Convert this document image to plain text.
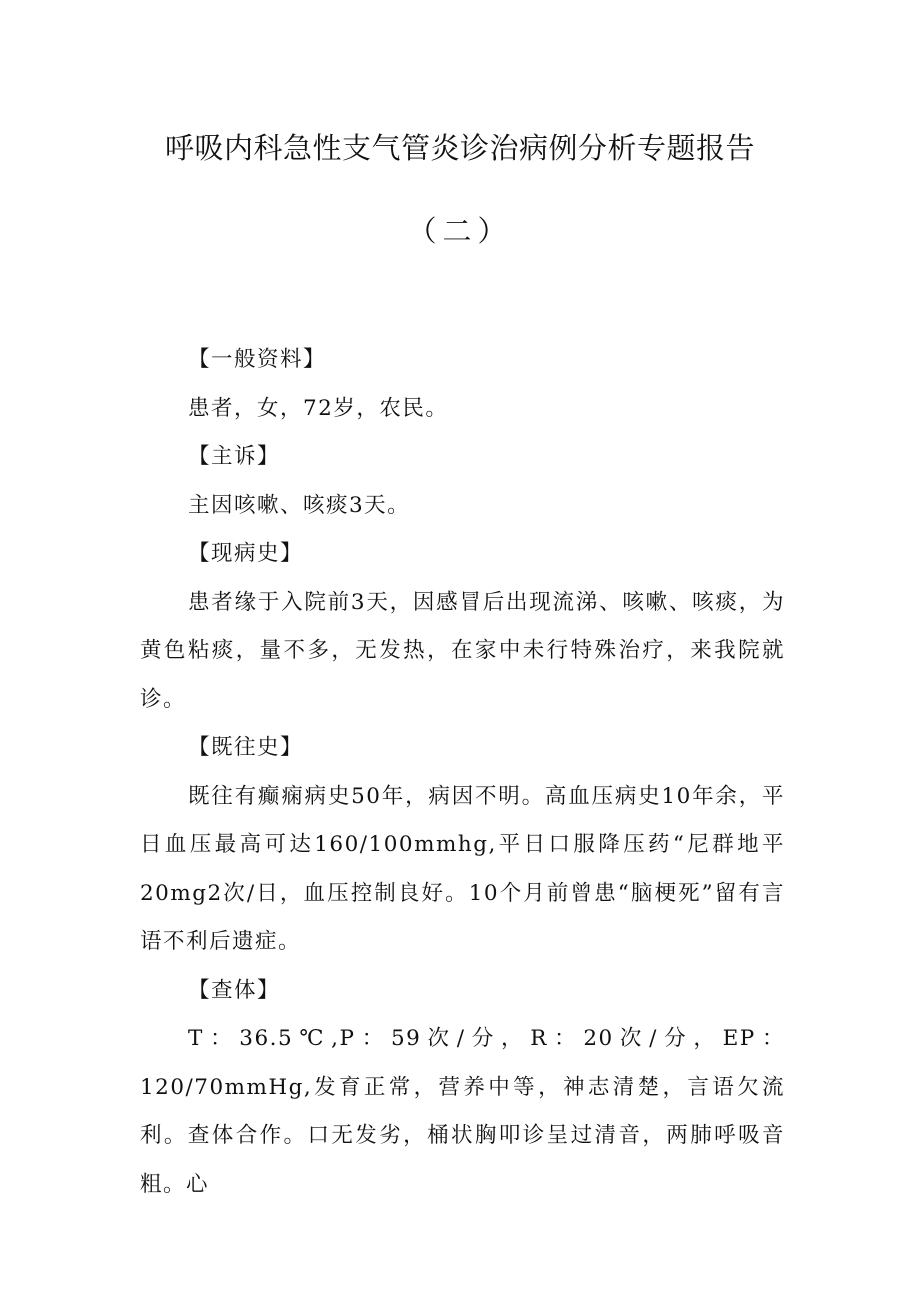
呼吸内科急性支气管炎诊治病例分析专题报告
（二）

【一般资料】

患者，女，72岁，农民。

【主诉】

主因咳嗽、咳痰3天。

【现病史】

患者缘于入院前3天，因感冒后出现流涕、咳嗽、咳痰，为黄色粘痰，量不多，无发热，在家中未行特殊治疗，来我院就诊。

【既往史】

既往有癫痫病史50年，病因不明。高血压病史10年余，平日血压最高可达160/100mmhg,平日口服降压药“尼群地平20mg2次/日，血压控制良好。10个月前曾患“脑梗死”留有言语不利后遗症。

【查体】

T：36.5℃,P：59次/分，R：20次/分，EP：120/70mmHg,发育正常，营养中等，神志清楚，言语欠流利。查体合作。口无发劣，桶状胸叩诊呈过清音，两肺呼吸音粗。心
